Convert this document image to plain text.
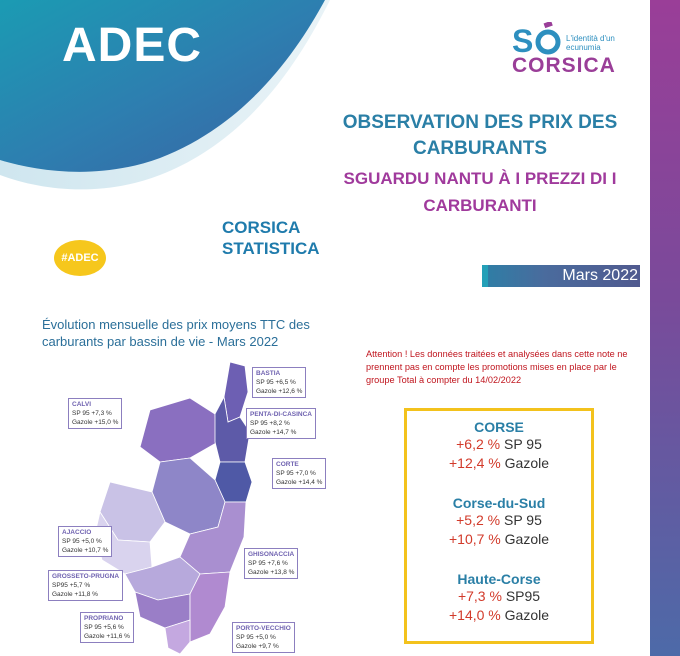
ADEC
#ADEC
S	L'identità d'un ecunumia
CORSICA
OBSERVATION DES PRIX DES CARBURANTS
SGUARDU NANTU À I PREZZI DI I CARBURANTI
CORSICA STATISTICA
Mars 2022
Évolution mensuelle des prix moyens TTC des carburants par bassin de vie - Mars 2022
BASTIA
SP 95 +6,5 %
Gazole +12,6 %
CALVI
SP 95 +7,3 %
Gazole +15,0 %
PENTA-DI-CASINCA
SP 95 +8,2 %
Gazole +14,7 %
CORTE
SP 95 +7,0 %
Gazole +14,4 %
AJACCIO
SP 95 +5,0 %
Gazole +10,7 %
GHISONACCIA
SP 95 +7,6 %
Gazole +13,8 %
GROSSETO-PRUGNA
SP95 +5,7 %
Gazole +11,8 %
PROPRIANO
SP 95 +5,6 %
Gazole +11,6 %
PORTO-VECCHIO
SP 95 +5,0 %
Gazole +9,7 %
Attention ! Les données traitées et analysées dans cette note ne prennent pas en compte les promotions mises en place par le groupe Total à compter du 14/02/2022
CORSE
+6,2 % SP 95
+12,4 % Gazole
Corse-du-Sud
+5,2 % SP 95
+10,7 % Gazole
Haute-Corse
+7,3 % SP95
+14,0 % Gazole
